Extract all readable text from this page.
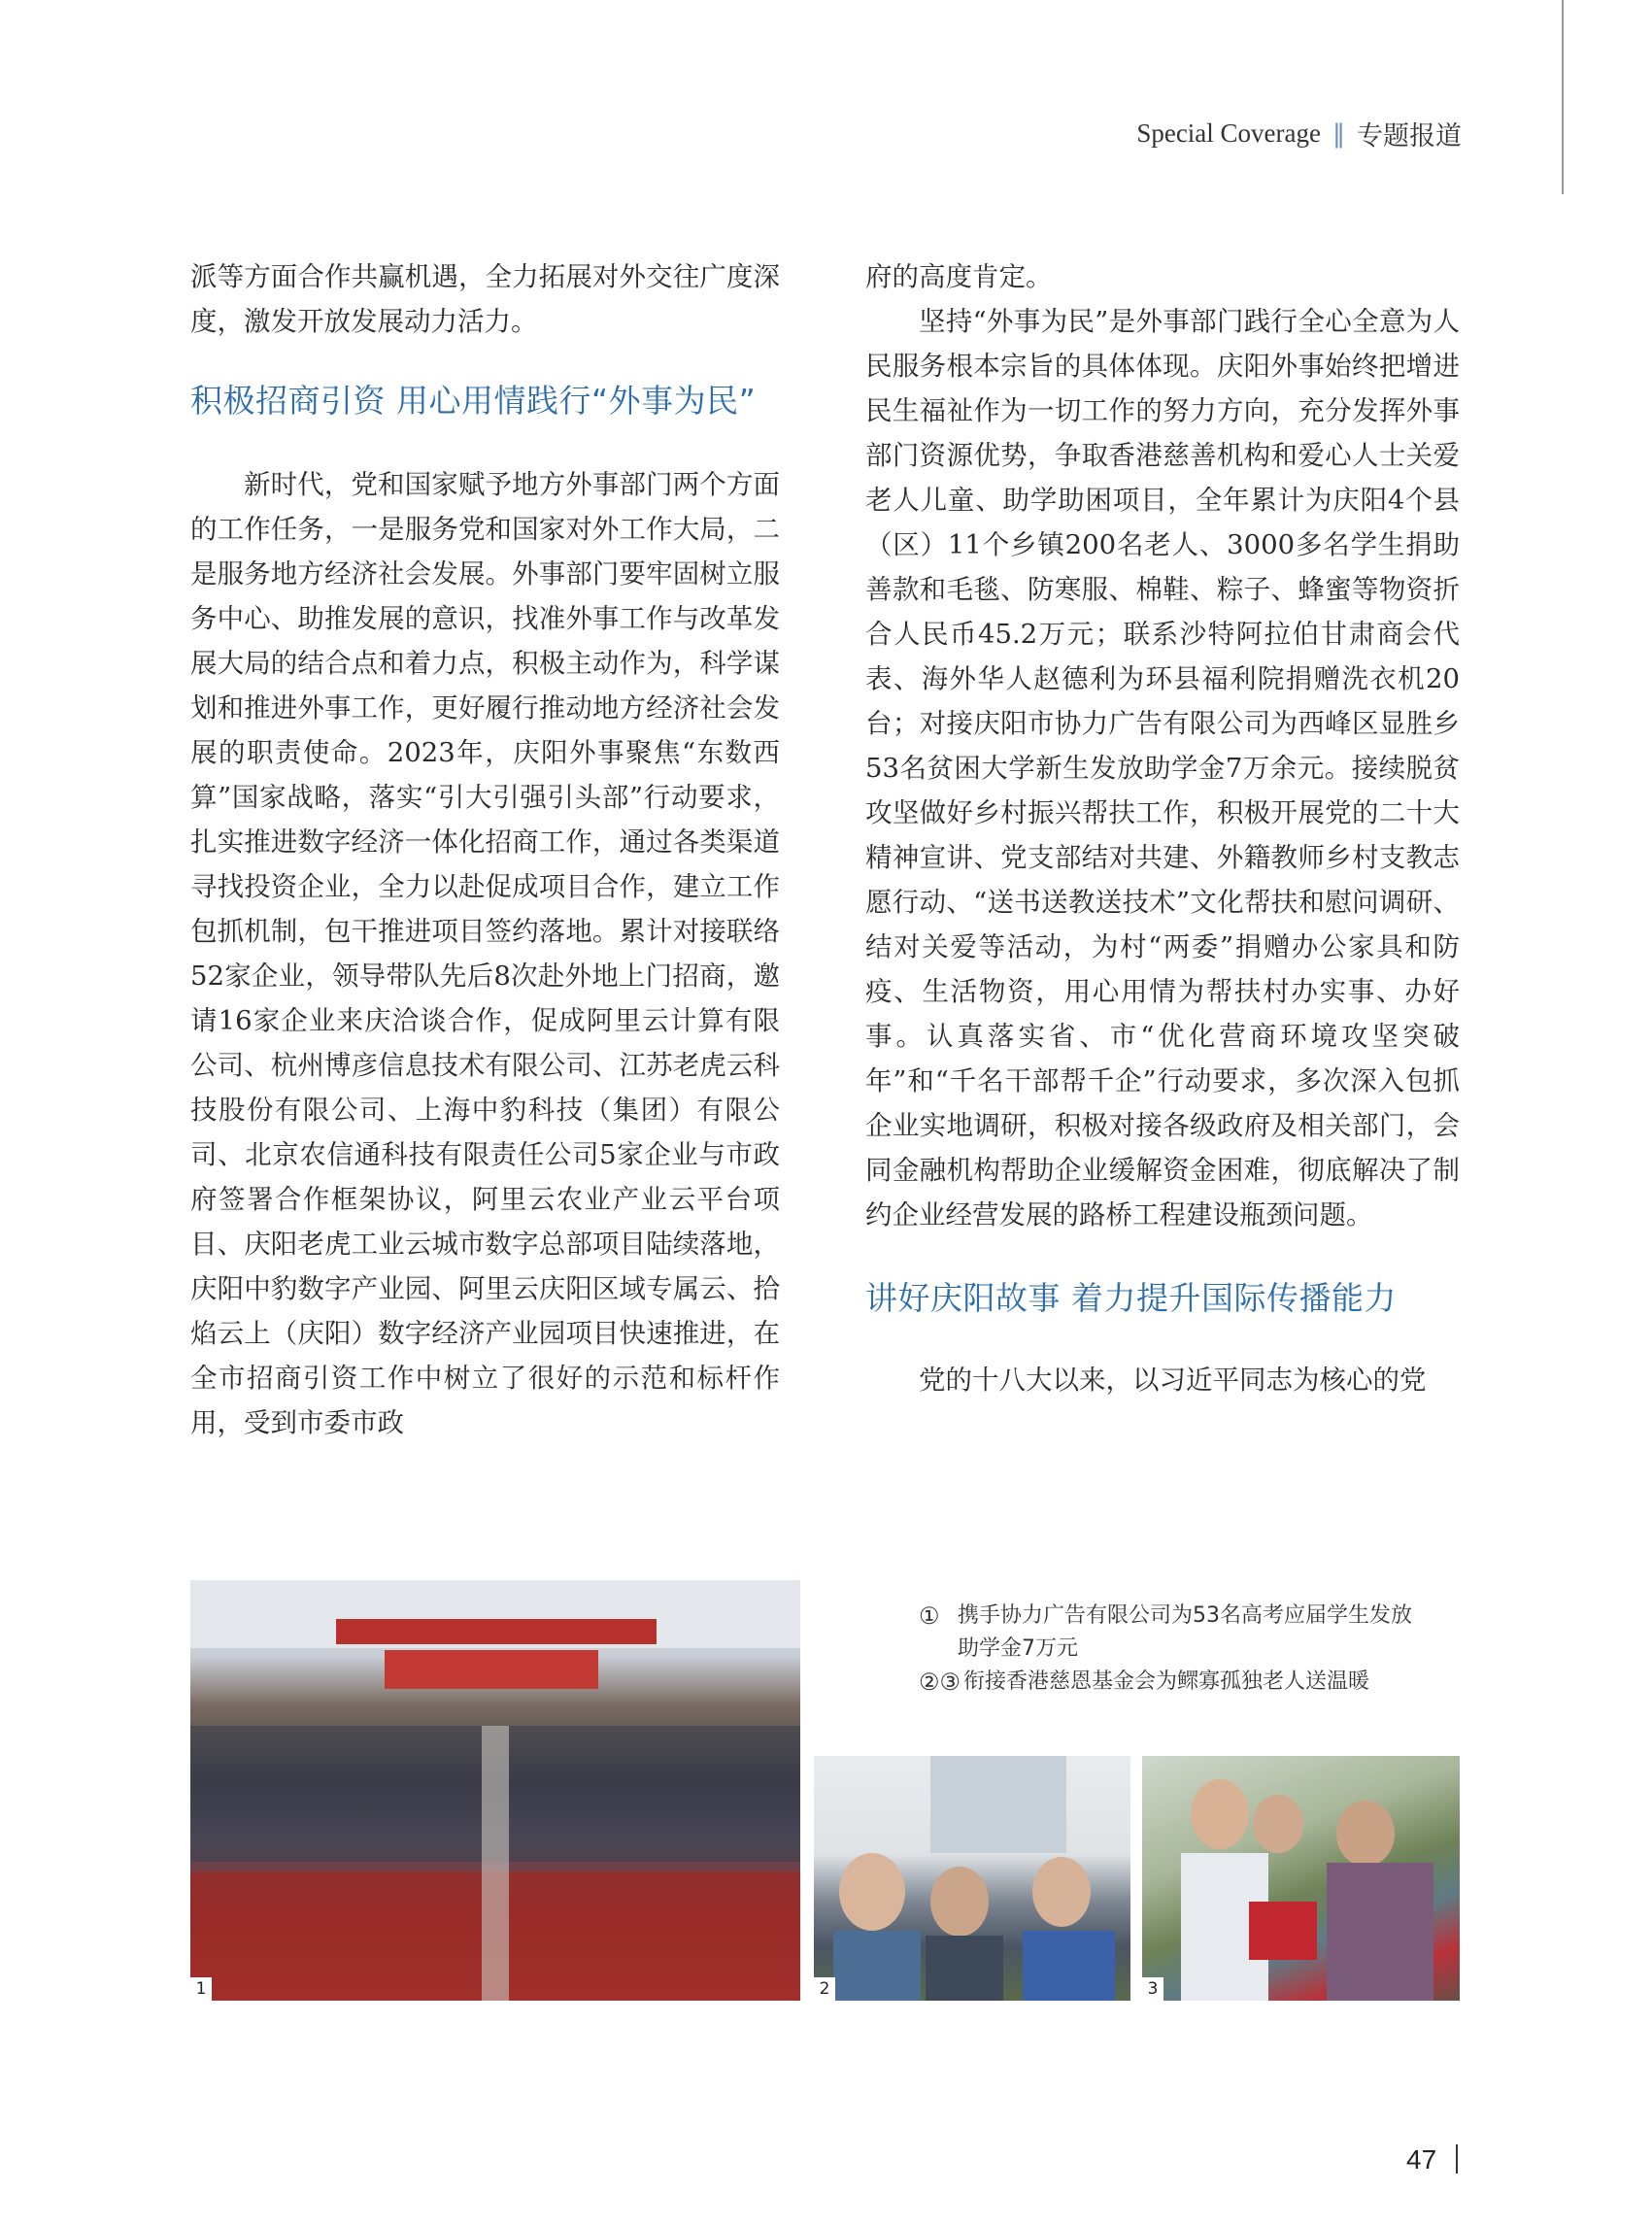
Special Coverage ‖ 专题报道

派等方面合作共赢机遇，全力拓展对外交往广度深度，激发开放发展动力活力。

积极招商引资 用心用情践行“外事为民”

新时代，党和国家赋予地方外事部门两个方面的工作任务，一是服务党和国家对外工作大局，二是服务地方经济社会发展。外事部门要牢固树立服务中心、助推发展的意识，找准外事工作与改革发展大局的结合点和着力点，积极主动作为，科学谋划和推进外事工作，更好履行推动地方经济社会发展的职责使命。2023年，庆阳外事聚焦“东数西算”国家战略，落实“引大引强引头部”行动要求，扎实推进数字经济一体化招商工作，通过各类渠道寻找投资企业，全力以赴促成项目合作，建立工作包抓机制，包干推进项目签约落地。累计对接联络52家企业，领导带队先后8次赴外地上门招商，邀请16家企业来庆洽谈合作，促成阿里云计算有限公司、杭州博彦信息技术有限公司、江苏老虎云科技股份有限公司、上海中豹科技（集团）有限公司、北京农信通科技有限责任公司5家企业与市政府签署合作框架协议，阿里云农业产业云平台项目、庆阳老虎工业云城市数字总部项目陆续落地，庆阳中豹数字产业园、阿里云庆阳区域专属云、拾焰云上（庆阳）数字经济产业园项目快速推进，在全市招商引资工作中树立了很好的示范和标杆作用，受到市委市政

府的高度肯定。

坚持“外事为民”是外事部门践行全心全意为人民服务根本宗旨的具体体现。庆阳外事始终把增进民生福祉作为一切工作的努力方向，充分发挥外事部门资源优势，争取香港慈善机构和爱心人士关爱老人儿童、助学助困项目，全年累计为庆阳4个县（区）11个乡镇200名老人、3000多名学生捐助善款和毛毯、防寒服、棉鞋、粽子、蜂蜜等物资折合人民币45.2万元；联系沙特阿拉伯甘肃商会代表、海外华人赵德利为环县福利院捐赠洗衣机20台；对接庆阳市协力广告有限公司为西峰区显胜乡53名贫困大学新生发放助学金7万余元。接续脱贫攻坚做好乡村振兴帮扶工作，积极开展党的二十大精神宣讲、党支部结对共建、外籍教师乡村支教志愿行动、“送书送教送技术”文化帮扶和慰问调研、结对关爱等活动，为村“两委”捐赠办公家具和防疫、生活物资，用心用情为帮扶村办实事、办好事。认真落实省、市“优化营商环境攻坚突破年”和“千名干部帮千企”行动要求，多次深入包抓企业实地调研，积极对接各级政府及相关部门，会同金融机构帮助企业缓解资金困难，彻底解决了制约企业经营发展的路桥工程建设瓶颈问题。

讲好庆阳故事 着力提升国际传播能力

党的十八大以来，以习近平同志为核心的党

1
① 携手协力广告有限公司为53名高考应届学生发放
助学金7万元
②③ 衔接香港慈恩基金会为鳏寡孤独老人送温暖
2	3
47
